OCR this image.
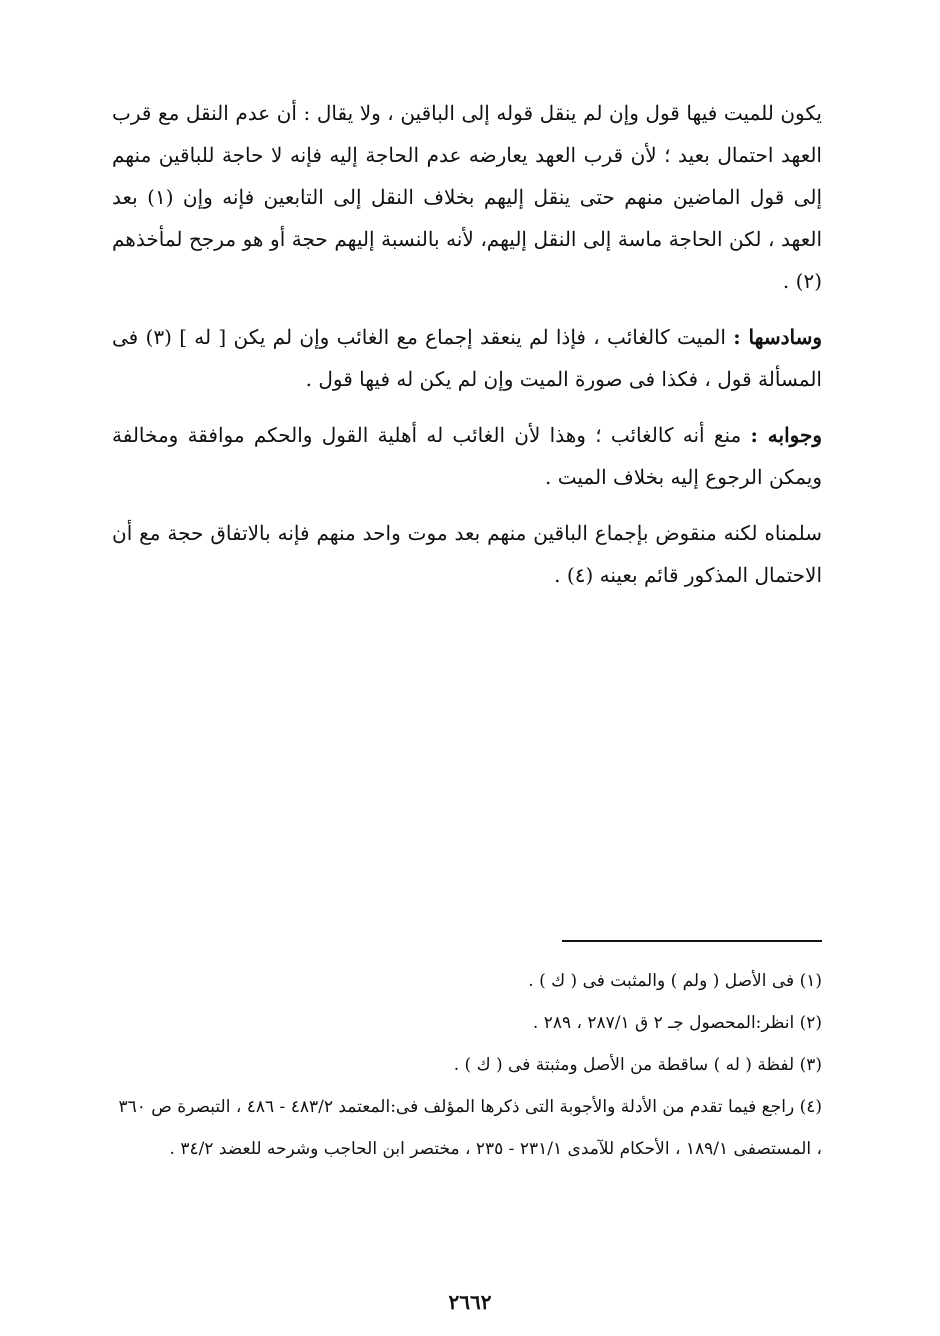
يكون للميت فيها قول وإن لم ينقل قوله إلى الباقين ، ولا يقال : أن عدم النقل مع قرب العهد احتمال بعيد ؛ لأن قرب العهد يعارضه عدم الحاجة إليه فإنه لا حاجة للباقين منهم إلى قول الماضين منهم حتى ينقل إليهم بخلاف النقل إلى التابعين فإنه وإن (١) بعد العهد ، لكن الحاجة ماسة إلى النقل إليهم، لأنه بالنسبة إليهم حجة أو هو مرجح لمأخذهم (٢) .

وسادسها : الميت كالغائب ، فإذا لم ينعقد إجماع مع الغائب وإن لم يكن [ له ] (٣) فى المسألة قول ، فكذا فى صورة الميت وإن لم يكن له فيها قول .

وجوابه : منع أنه كالغائب ؛ وهذا لأن الغائب له أهلية القول والحكم موافقة ومخالفة ويمكن الرجوع إليه بخلاف الميت .

سلمناه لكنه منقوض بإجماع الباقين منهم بعد موت واحد منهم فإنه بالاتفاق حجة مع أن الاحتمال المذكور قائم بعينه (٤) .

(١) فى الأصل ( ولم ) والمثبت فى ( ك ) .

(٢) انظر:المحصول جـ ٢ ق ٢٨٧/١ ، ٢٨٩ .

(٣) لفظة ( له ) ساقطة من الأصل ومثبتة فى ( ك ) .

(٤) راجع فيما تقدم من الأدلة والأجوبة التى ذكرها المؤلف فى:المعتمد ٤٨٣/٢ - ٤٨٦ ، التبصرة ص ٣٦٠ ، المستصفى ١٨٩/١ ، الأحكام للآمدى ٢٣١/١ - ٢٣٥ ، مختصر ابن الحاجب وشرحه للعضد ٣٤/٢ .

٢٦٦٢
